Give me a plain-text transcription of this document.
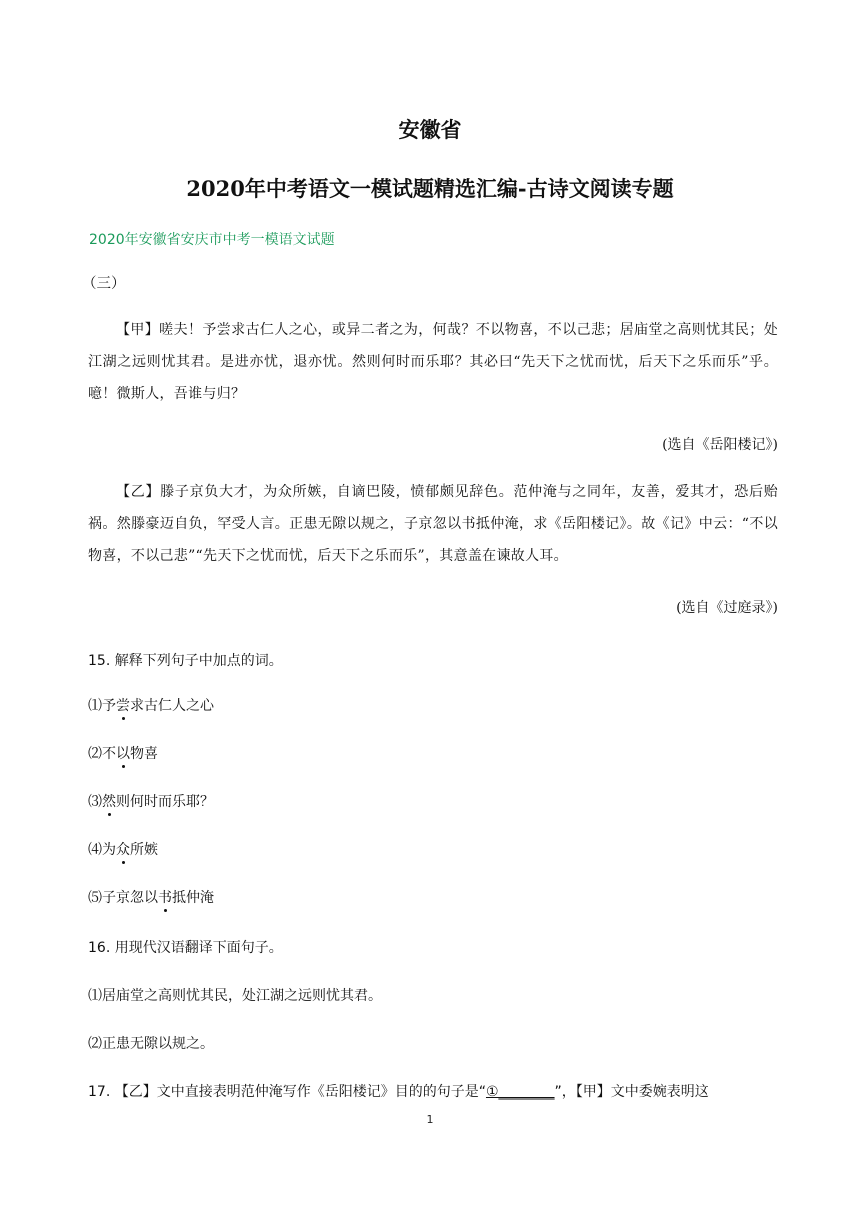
安徽省
2020年中考语文一模试题精选汇编-古诗文阅读专题
2020年安徽省安庆市中考一模语文试题
（三）
【甲】嗟夫！予尝求古仁人之心，或异二者之为，何哉？不以物喜，不以己悲；居庙堂之高则忧其民；处江湖之远则忧其君。是进亦忧，退亦忧。然则何时而乐耶？其必曰“先天下之忧而忧，后天下之乐而乐”乎。噫！微斯人，吾谁与归？
(选自《岳阳楼记》)
【乙】滕子京负大才，为众所嫉，自谪巴陵，愤郁颇见辞色。范仲淹与之同年，友善，爱其才，恐后贻祸。然滕豪迈自负，罕受人言。正患无隙以规之，子京忽以书抵仲淹，求《岳阳楼记》。故《记》中云：“不以物喜，不以己悲”“先天下之忧而忧，后天下之乐而乐”，其意盖在谏故人耳。
(选自《过庭录》)
15. 解释下列句子中加点的词。
⑴予尝求古仁人之心
⑵不以物喜
⑶然则何时而乐耶？
⑷为众所嫉
⑸子京忽以书抵仲淹
16. 用现代汉语翻译下面句子。
⑴居庙堂之高则忧其民，处江湖之远则忧其君。
⑵正患无隙以规之。
17. 【乙】文中直接表明范仲淹写作《岳阳楼记》目的的句子是“①________”，【甲】文中委婉表明这
1
